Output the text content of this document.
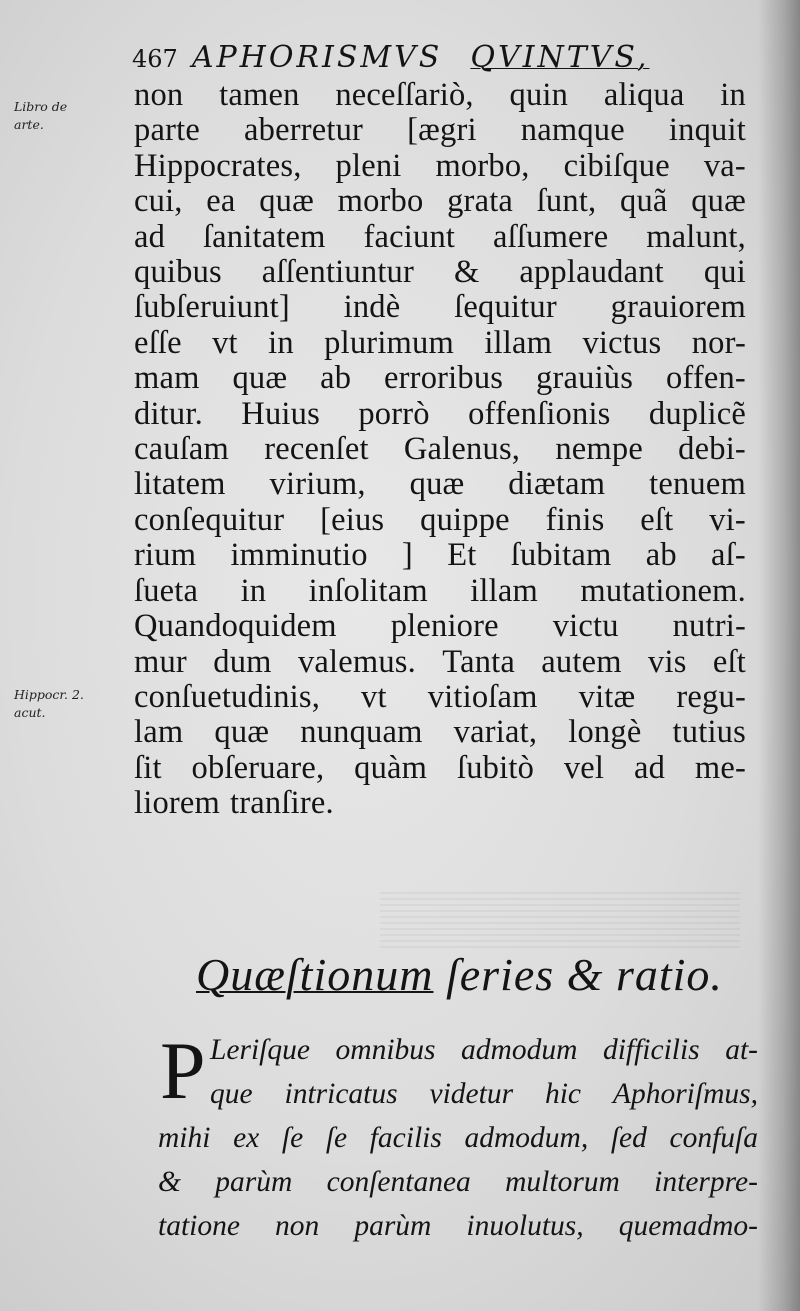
467 APHORISMVS QVINTVS,
Libro de
arte.
Hippocr. 2.
acut.
non tamen neceſſariò, quin aliqua in
parte aberretur [ægri namque inquit
Hippocrates, pleni morbo, cibiſque va-
cui, ea quæ morbo grata ſunt, quã quæ
ad ſanitatem faciunt aſſumere malunt,
quibus aſſentiuntur & applaudant qui
ſubſeruiunt] indè ſequitur grauiorem
eſſe vt in plurimum illam victus nor-
mam quæ ab erroribus grauiùs offen-
ditur. Huius porrò offenſionis duplicẽ
cauſam recenſet Galenus, nempe debi-
litatem virium, quæ diætam tenuem
conſequitur [eius quippe finis eſt vi-
rium imminutio ] Et ſubitam ab aſ-
ſueta in inſolitam illam mutationem.
Quandoquidem pleniore victu nutri-
mur dum valemus. Tanta autem vis eſt
conſuetudinis, vt vitioſam vitæ regu-
lam quæ nunquam variat, longè tutius
ſit obſeruare, quàm ſubitò vel ad me-
liorem tranſire.
Quæſtionum ſeries & ratio.
P Leriſque omnibus admodum difficilis at-
que intricatus videtur hic Aphoriſmus,
mihi ex ſe ſe facilis admodum, ſed confuſa
& parùm conſentanea multorum interpre-
tatione non parùm inuolutus, quemadmo-
